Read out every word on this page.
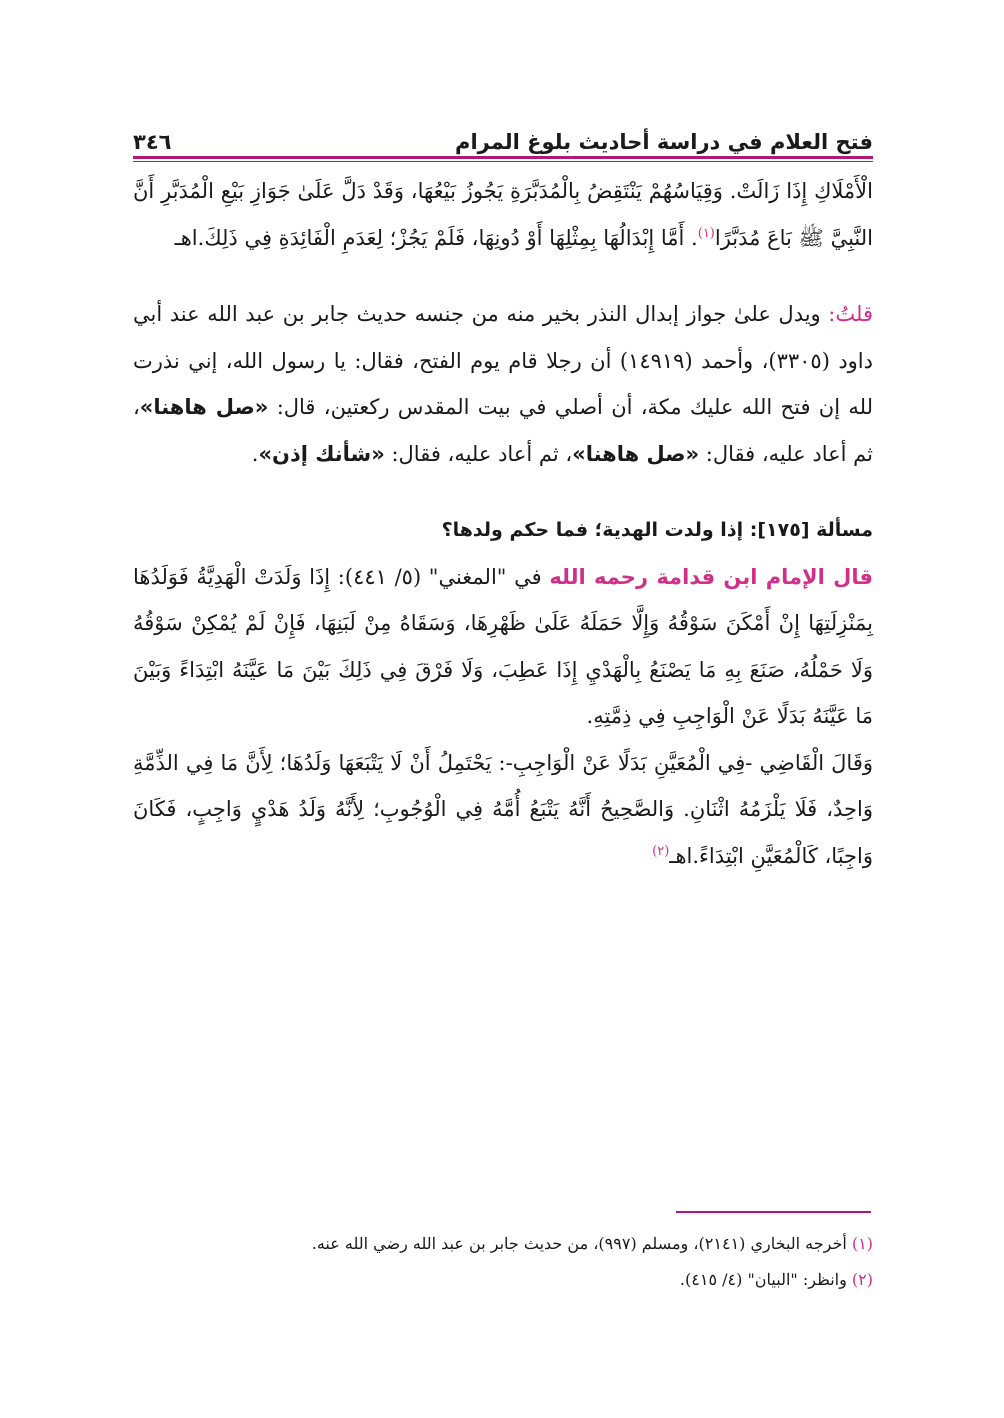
فتح العلام في دراسة أحاديث بلوغ المرام
٣٤٦

الْأَمْلَاكِ إِذَا زَالَتْ. وَقِيَاسُهُمْ يَنْتَقِضُ بِالْمُدَبَّرَةِ يَجُوزُ بَيْعُهَا، وَقَدْ دَلَّ عَلَىٰ جَوَازِ بَيْعِ الْمُدَبَّرِ أَنَّ النَّبِيَّ ﷺ بَاعَ مُدَبَّرًا$^{(١)}$. أَمَّا إِبْدَالُهَا بِمِثْلِهَا أَوْ دُونِهَا، فَلَمْ يَجُزْ؛ لِعَدَمِ الْفَائِدَةِ فِي ذَلِكَ.اهـ

قلتُ: ويدل علىٰ جواز إبدال النذر بخير منه من جنسه حديث جابر بن عبد الله عند أبي داود (٣٣٠٥)، وأحمد (١٤٩١٩) أن رجلا قام يوم الفتح، فقال: يا رسول الله، إني نذرت لله إن فتح الله عليك مكة، أن أصلي في بيت المقدس ركعتين، قال: «صل هاهنا»، ثم أعاد عليه، فقال: «صل هاهنا»، ثم أعاد عليه، فقال: «شأنك إذن».

مسألة [١٧٥]: إذا ولدت الهدية؛ فما حكم ولدها؟

قال الإمام ابن قدامة رحمه الله في "المغني" (٥/ ٤٤١): إِذَا وَلَدَتْ الْهَدِيَّةُ فَوَلَدُهَا بِمَنْزِلَتِهَا إِنْ أَمْكَنَ سَوْقُهُ وَإِلَّا حَمَلَهُ عَلَىٰ ظَهْرِهَا، وَسَقَاهُ مِنْ لَبَنِهَا، فَإِنْ لَمْ يُمْكِنْ سَوْقُهُ وَلَا حَمْلُهُ، صَنَعَ بِهِ مَا يَصْنَعُ بِالْهَدْيِ إِذَا عَطِبَ، وَلَا فَرْقَ فِي ذَلِكَ بَيْنَ مَا عَيَّنَهُ ابْتِدَاءً وَبَيْنَ مَا عَيَّنَهُ بَدَلًا عَنْ الْوَاجِبِ فِي ذِمَّتِهِ.

وَقَالَ الْقَاضِي -فِي الْمُعَيَّنِ بَدَلًا عَنْ الْوَاجِبِ-: يَحْتَمِلُ أَنْ لَا يَتْبَعَهَا وَلَدُهَا؛ لِأَنَّ مَا فِي الذِّمَّةِ وَاحِدٌ، فَلَا يَلْزَمُهُ اثْنَانِ. وَالصَّحِيحُ أَنَّهُ يَتْبَعُ أُمَّهُ فِي الْوُجُوبِ؛ لِأَنَّهُ وَلَدُ هَدْيٍ وَاجِبٍ، فَكَانَ وَاجِبًا، كَالْمُعَيَّنِ ابْتِدَاءً.اهـ$^{(٢)}$

(١) أخرجه البخاري (٢١٤١)، ومسلم (٩٩٧)، من حديث جابر بن عبد الله رضي الله عنه.

(٢) وانظر: "البيان" (٤/ ٤١٥).
